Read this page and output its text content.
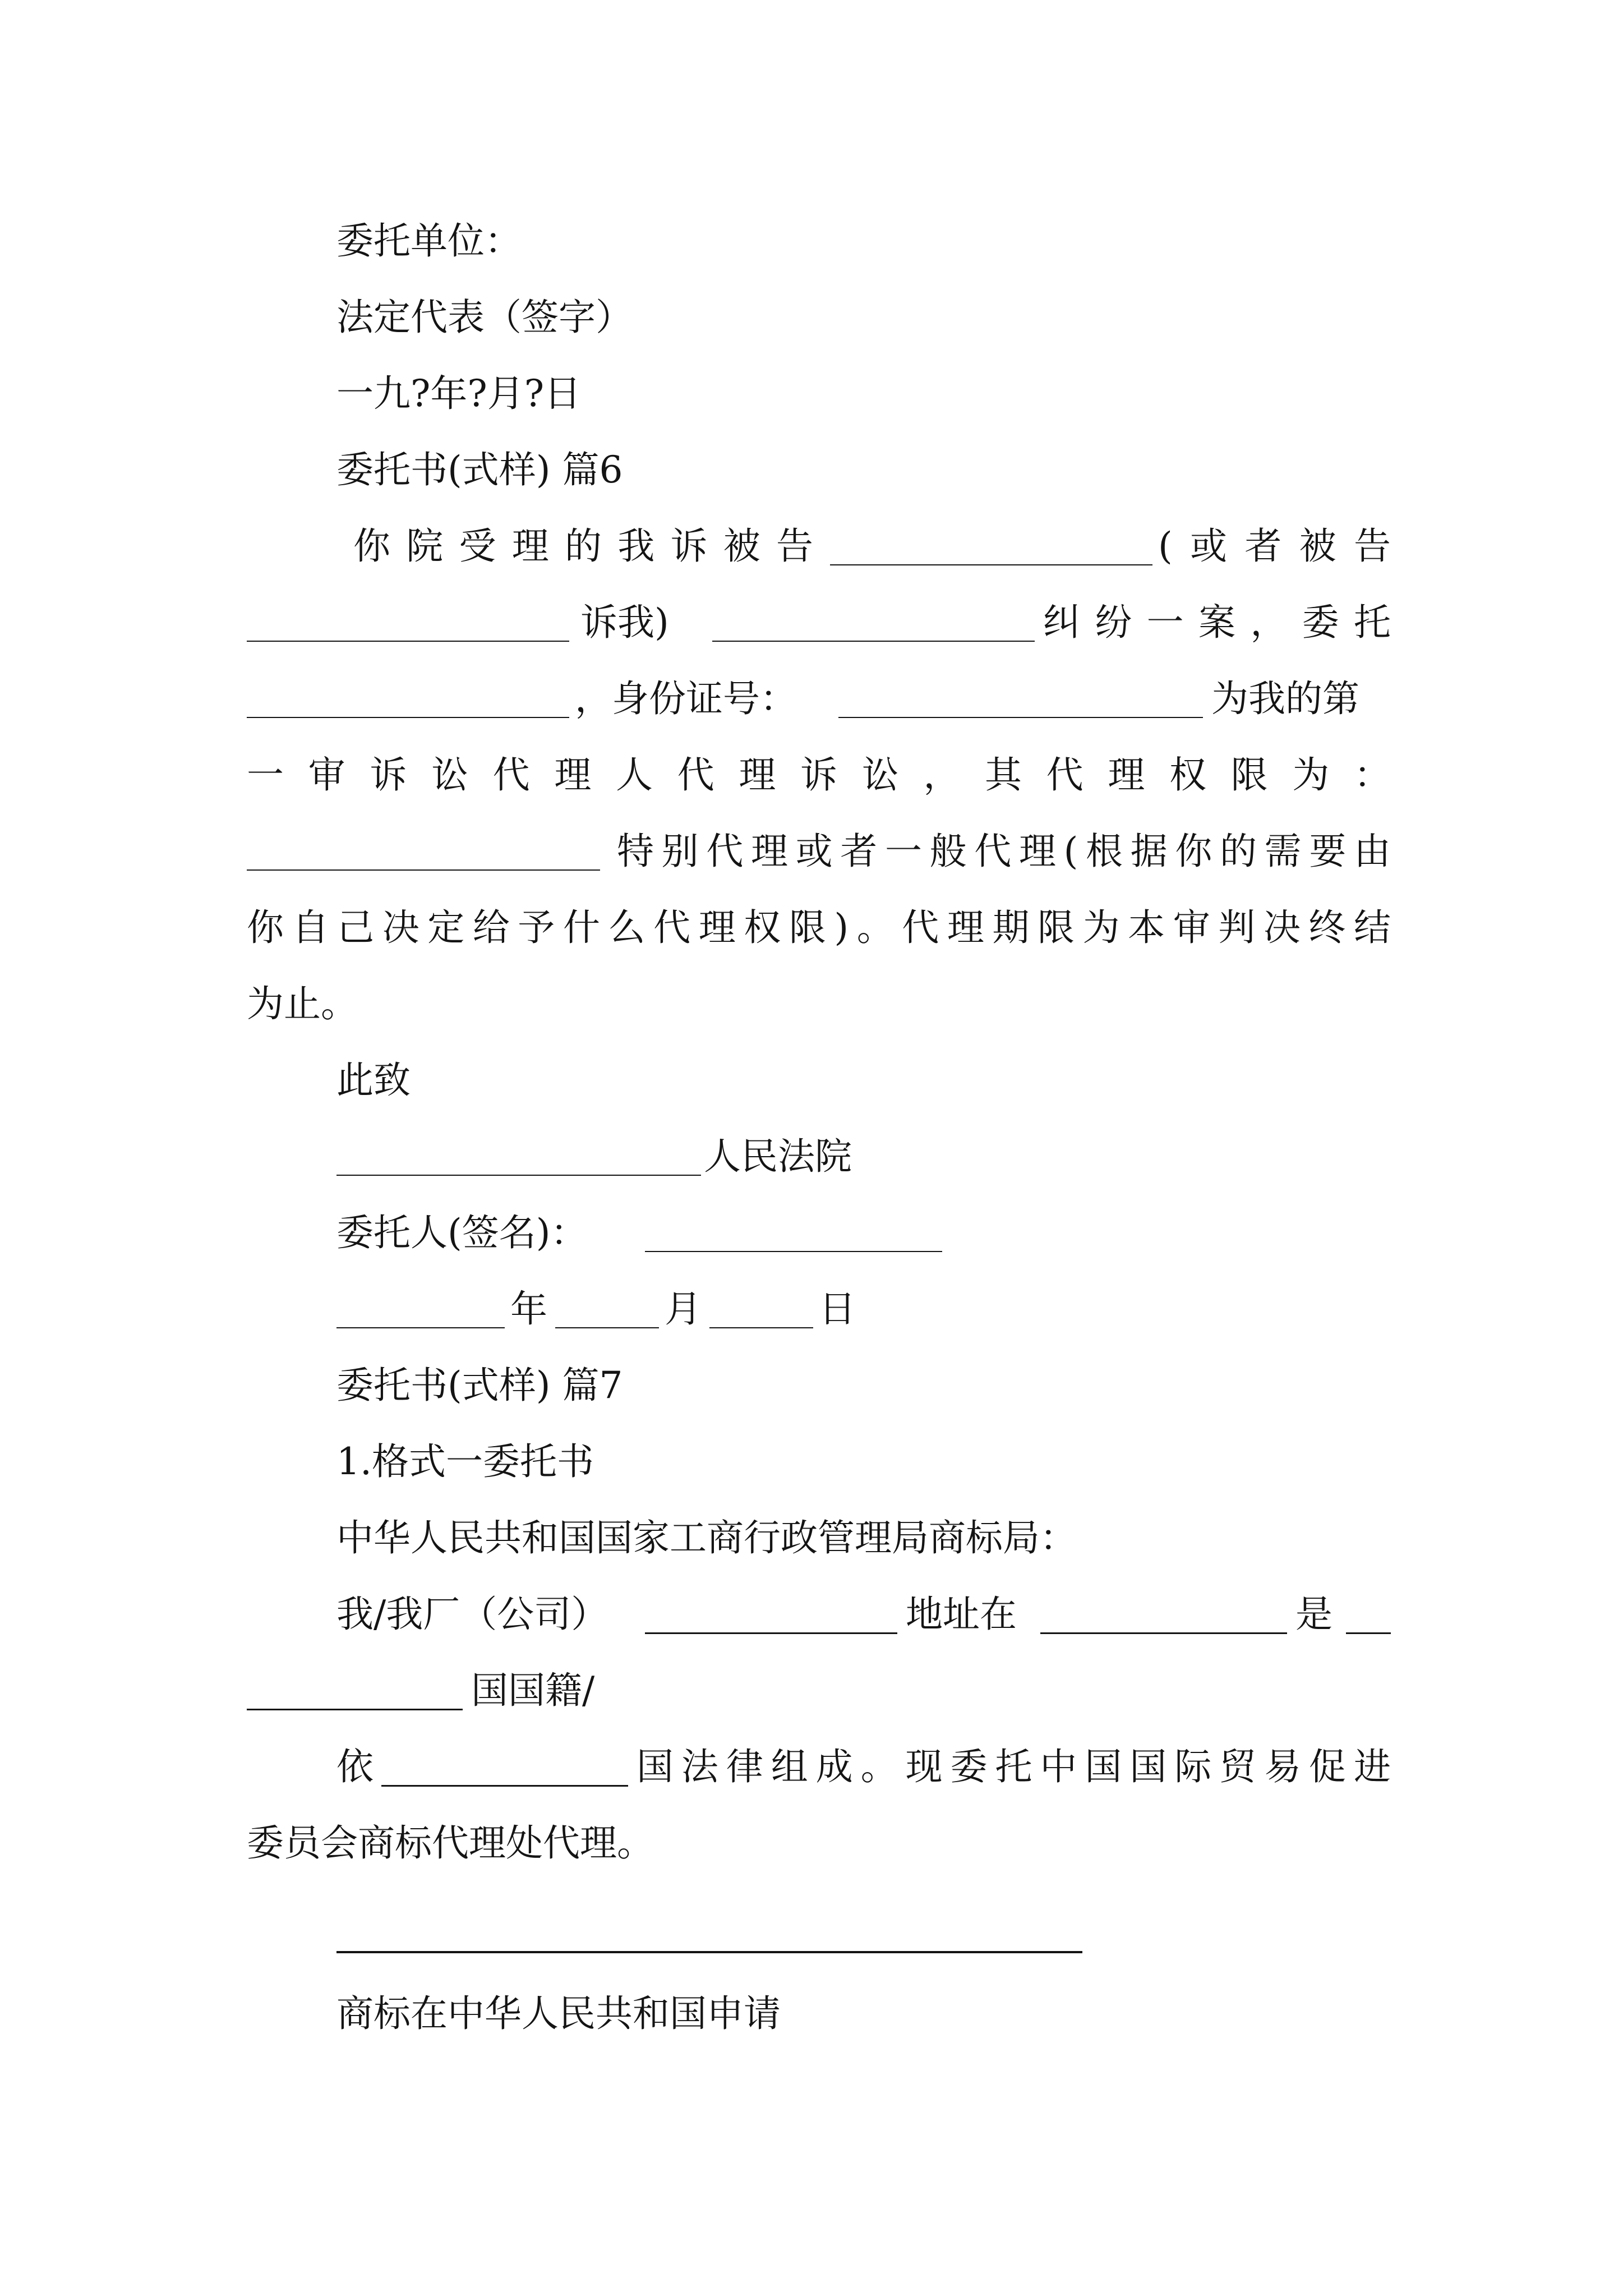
委托单位：
法定代表（签字）
一九?年?月?日
委托书(式样) 篇6
你院受理的我诉被告	(或者被告
诉我)	纠纷一案，委托
，身份证号：	为我的第
一审诉讼代理人代理诉讼，其代理权限为：
特别代理或者一般代理(根据你的需要由
你自己决定给予什么代理权限)。代理期限为本审判决终结
为止。
此致
人民法院
委托人(签名)：
年	月	日
委托书(式样) 篇7
1.格式一委托书
中华人民共和国国家工商行政管理局商标局：
我/我厂（公司）	地址在	是
国国籍/
依	国法律组成。现委托中国国际贸易促进
委员会商标代理处代理。
商标在中华人民共和国申请
